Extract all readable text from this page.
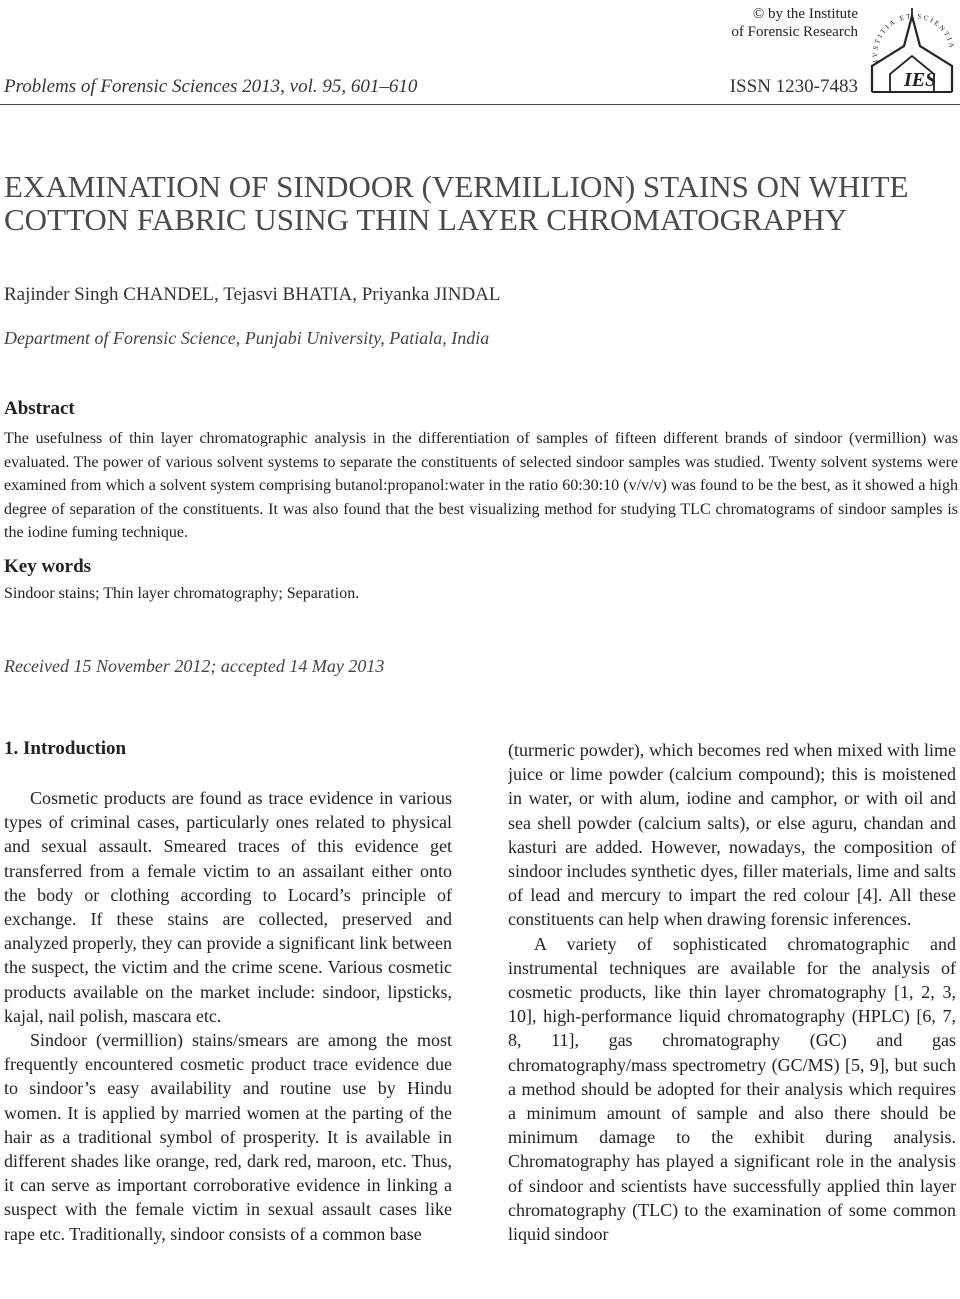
© by the Institute
of Forensic Research
IVSTITIA ET SCIENTIA
IES
Problems of Forensic Sciences 2013, vol. 95, 601–610	ISSN 1230-7483
EXAMINATION OF SINDOOR (VERMILLION) STAINS ON WHITE COTTON FABRIC USING THIN LAYER CHROMATOGRAPHY
Rajinder Singh CHANDEL, Tejasvi BHATIA, Priyanka JINDAL
Department of Forensic Science, Punjabi University, Patiala, India
Abstract
The usefulness of thin layer chromatographic analysis in the differentiation of samples of fifteen different brands of sindoor (vermillion) was evaluated. The power of various solvent systems to separate the constituents of selected sindoor samples was studied. Twenty solvent systems were examined from which a solvent system comprising butanol:propanol:water in the ratio 60:30:10 (v/v/v) was found to be the best, as it showed a high degree of separation of the constituents. It was also found that the best visualizing method for studying TLC chromatograms of sindoor samples is the iodine fuming technique.
Key words
Sindoor stains; Thin layer chromatography; Separation.
Received 15 November 2012; accepted 14 May 2013
1. Introduction

Cosmetic products are found as trace evidence in various types of criminal cases, particularly ones related to physical and sexual assault. Smeared traces of this evidence get transferred from a female victim to an assailant either onto the body or clothing according to Locard’s principle of exchange. If these stains are collected, preserved and analyzed properly, they can provide a significant link between the suspect, the victim and the crime scene. Various cosmetic products available on the market include: sindoor, lipsticks, kajal, nail polish, mascara etc.

Sindoor (vermillion) stains/smears are among the most frequently encountered cosmetic product trace evidence due to sindoor’s easy availability and routine use by Hindu women. It is applied by married women at the parting of the hair as a traditional symbol of prosperity. It is available in different shades like orange, red, dark red, maroon, etc. Thus, it can serve as important corroborative evidence in linking a suspect with the female victim in sexual assault cases like rape etc. Traditionally, sindoor consists of a common base

(turmeric powder), which becomes red when mixed with lime juice or lime powder (calcium compound); this is moistened in water, or with alum, iodine and camphor, or with oil and sea shell powder (calcium salts), or else aguru, chandan and kasturi are added. However, nowadays, the composition of sindoor includes synthetic dyes, filler materials, lime and salts of lead and mercury to impart the red colour [4]. All these constituents can help when drawing forensic inferences.

A variety of sophisticated chromatographic and instrumental techniques are available for the analysis of cosmetic products, like thin layer chromatography [1, 2, 3, 10], high-performance liquid chromatography (HPLC) [6, 7, 8, 11], gas chromatography (GC) and gas chromatography/mass spectrometry (GC/MS) [5, 9], but such a method should be adopted for their analysis which requires a minimum amount of sample and also there should be minimum damage to the exhibit during analysis. Chromatography has played a significant role in the analysis of sindoor and scientists have successfully applied thin layer chromatography (TLC) to the examination of some common liquid sindoor
